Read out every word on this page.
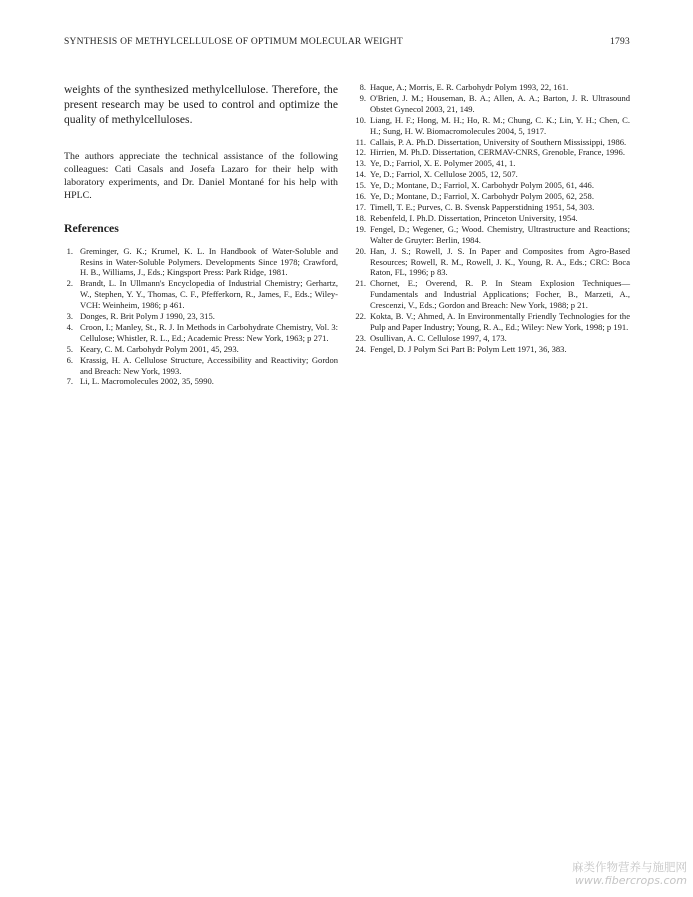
SYNTHESIS OF METHYLCELLULOSE OF OPTIMUM MOLECULAR WEIGHT	1793

weights of the synthesized methylcellulose. Therefore, the present research may be used to control and optimize the quality of methylcelluloses.

The authors appreciate the technical assistance of the following colleagues: Cati Casals and Josefa Lazaro for their help with laboratory experiments, and Dr. Daniel Montané for his help with HPLC.

References
1. Greminger, G. K.; Krumel, K. L. In Handbook of Water-Soluble and Resins in Water-Soluble Polymers. Developments Since 1978; Crawford, H. B., Williams, J., Eds.; Kingsport Press: Park Ridge, 1981.
2. Brandt, L. In Ullmann's Encyclopedia of Industrial Chemistry; Gerhartz, W., Stephen, Y. Y., Thomas, C. F., Pfefferkorn, R., James, F., Eds.; Wiley-VCH: Weinheim, 1986; p 461.
3. Donges, R. Brit Polym J 1990, 23, 315.
4. Croon, I.; Manley, St., R. J. In Methods in Carbohydrate Chemistry, Vol. 3: Cellulose; Whistler, R. L., Ed.; Academic Press: New York, 1963; p 271.
5. Keary, C. M. Carbohydr Polym 2001, 45, 293.
6. Krassig, H. A. Cellulose Structure, Accessibility and Reactivity; Gordon and Breach: New York, 1993.
7. Li, L. Macromolecules 2002, 35, 5990.
8. Haque, A.; Morris, E. R. Carbohydr Polym 1993, 22, 161.
9. O'Brien, J. M.; Houseman, B. A.; Allen, A. A.; Barton, J. R. Ultrasound Obstet Gynecol 2003, 21, 149.
10. Liang, H. F.; Hong, M. H.; Ho, R. M.; Chung, C. K.; Lin, Y. H.; Chen, C. H.; Sung, H. W. Biomacromolecules 2004, 5, 1917.
11. Callais, P. A. Ph.D. Dissertation, University of Southern Mississippi, 1986.
12. Hirrien, M. Ph.D. Dissertation, CERMAV-CNRS, Grenoble, France, 1996.
13. Ye, D.; Farriol, X. E. Polymer 2005, 41, 1.
14. Ye, D.; Farriol, X. Cellulose 2005, 12, 507.
15. Ye, D.; Montane, D.; Farriol, X. Carbohydr Polym 2005, 61, 446.
16. Ye, D.; Montane, D.; Farriol, X. Carbohydr Polym 2005, 62, 258.
17. Timell, T. E.; Purves, C. B. Svensk Papperstidning 1951, 54, 303.
18. Rebenfeld, I. Ph.D. Dissertation, Princeton University, 1954.
19. Fengel, D.; Wegener, G.; Wood. Chemistry, Ultrastructure and Reactions; Walter de Gruyter: Berlin, 1984.
20. Han, J. S.; Rowell, J. S. In Paper and Composites from Agro-Based Resources; Rowell, R. M., Rowell, J. K., Young, R. A., Eds.; CRC: Boca Raton, FL, 1996; p 83.
21. Chornet, E.; Overend, R. P. In Steam Explosion Techniques—Fundamentals and Industrial Applications; Focher, B., Marzeti, A., Crescenzi, V., Eds.; Gordon and Breach: New York, 1988; p 21.
22. Kokta, B. V.; Ahmed, A. In Environmentally Friendly Technologies for the Pulp and Paper Industry; Young, R. A., Ed.; Wiley: New York, 1998; p 191.
23. Osullivan, A. C. Cellulose 1997, 4, 173.
24. Fengel, D. J Polym Sci Part B: Polym Lett 1971, 36, 383.
麻类作物营养与施肥网
www.fibercrops.com
